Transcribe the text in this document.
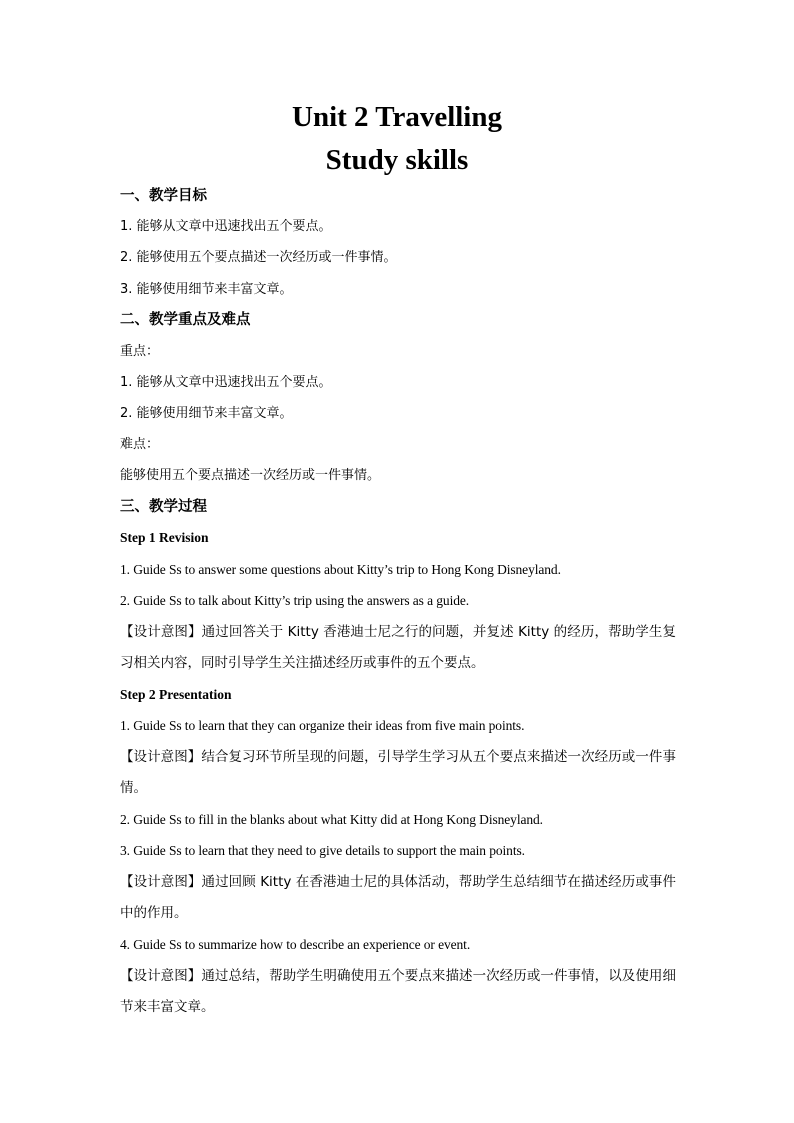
Unit 2 Travelling
Study skills
一、教学目标
1. 能够从文章中迅速找出五个要点。
2. 能够使用五个要点描述一次经历或一件事情。
3. 能够使用细节来丰富文章。
二、教学重点及难点
重点：
1. 能够从文章中迅速找出五个要点。
2. 能够使用细节来丰富文章。
难点：
能够使用五个要点描述一次经历或一件事情。
三、教学过程
Step 1 Revision
1. Guide Ss to answer some questions about Kitty’s trip to Hong Kong Disneyland.
2. Guide Ss to talk about Kitty’s trip using the answers as a guide.
【设计意图】通过回答关于 Kitty 香港迪士尼之行的问题，并复述 Kitty 的经历，帮助学生复习相关内容，同时引导学生关注描述经历或事件的五个要点。
Step 2 Presentation
1. Guide Ss to learn that they can organize their ideas from five main points.
【设计意图】结合复习环节所呈现的问题，引导学生学习从五个要点来描述一次经历或一件事情。
2. Guide Ss to fill in the blanks about what Kitty did at Hong Kong Disneyland.
3. Guide Ss to learn that they need to give details to support the main points.
【设计意图】通过回顾 Kitty 在香港迪士尼的具体活动，帮助学生总结细节在描述经历或事件中的作用。
4. Guide Ss to summarize how to describe an experience or event.
【设计意图】通过总结，帮助学生明确使用五个要点来描述一次经历或一件事情，以及使用细节来丰富文章。
